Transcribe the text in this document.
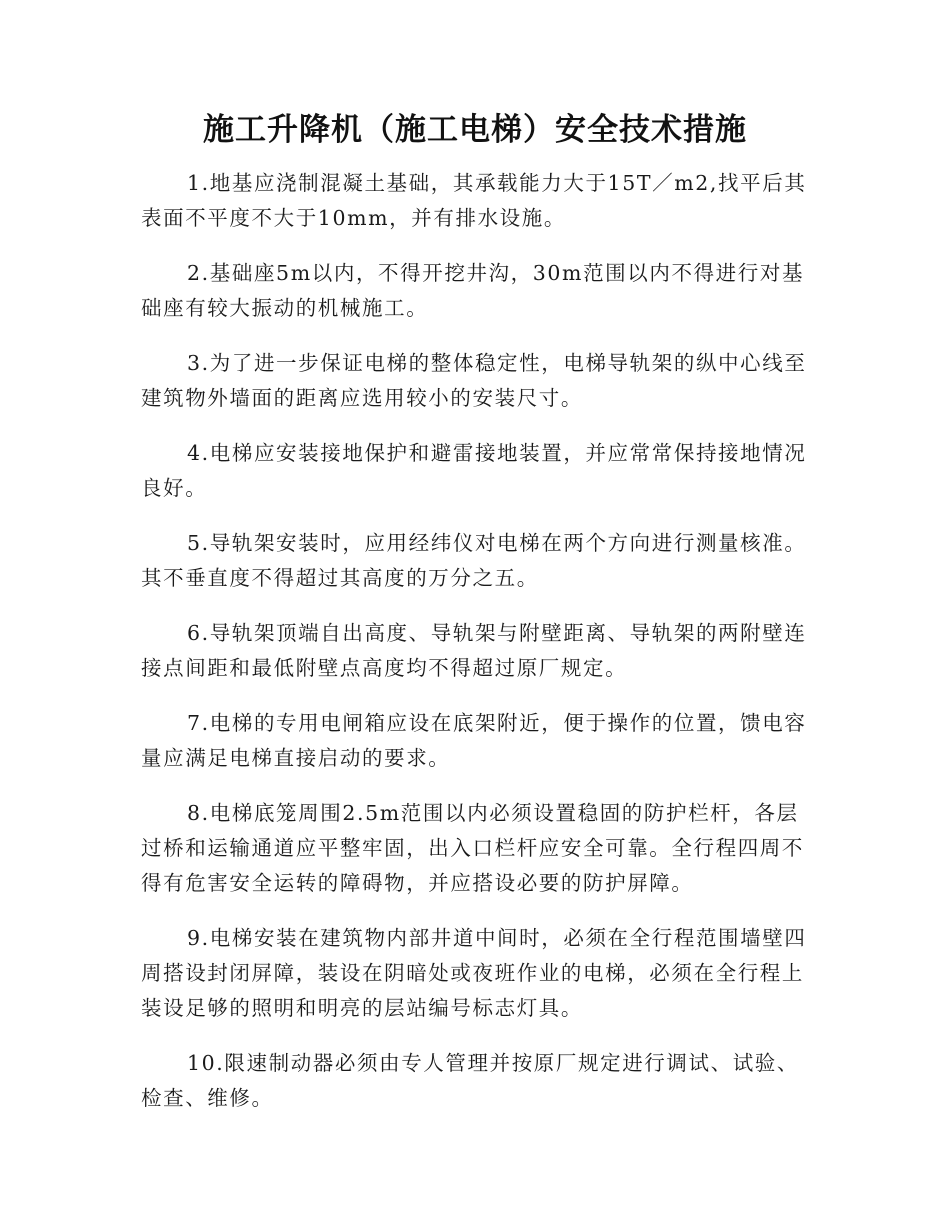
施工升降机（施工电梯）安全技术措施

1.地基应浇制混凝土基础，其承载能力大于15T／m2,找平后其表面不平度不大于10mm，并有排水设施。

2.基础座5m以内，不得开挖井沟，30m范围以内不得进行对基础座有较大振动的机械施工。

3.为了进一步保证电梯的整体稳定性，电梯导轨架的纵中心线至建筑物外墙面的距离应选用较小的安装尺寸。

4.电梯应安装接地保护和避雷接地装置，并应常常保持接地情况良好。

5.导轨架安装时，应用经纬仪对电梯在两个方向进行测量核准。其不垂直度不得超过其高度的万分之五。

6.导轨架顶端自出高度、导轨架与附壁距离、导轨架的两附壁连接点间距和最低附壁点高度均不得超过原厂规定。

7.电梯的专用电闸箱应设在底架附近，便于操作的位置，馈电容量应满足电梯直接启动的要求。

8.电梯底笼周围2.5m范围以内必须设置稳固的防护栏杆，各层过桥和运输通道应平整牢固，出入口栏杆应安全可靠。全行程四周不得有危害安全运转的障碍物，并应搭设必要的防护屏障。

9.电梯安装在建筑物内部井道中间时，必须在全行程范围墙壁四周搭设封闭屏障，装设在阴暗处或夜班作业的电梯，必须在全行程上装设足够的照明和明亮的层站编号标志灯具。

10.限速制动器必须由专人管理并按原厂规定进行调试、试验、检查、维修。
